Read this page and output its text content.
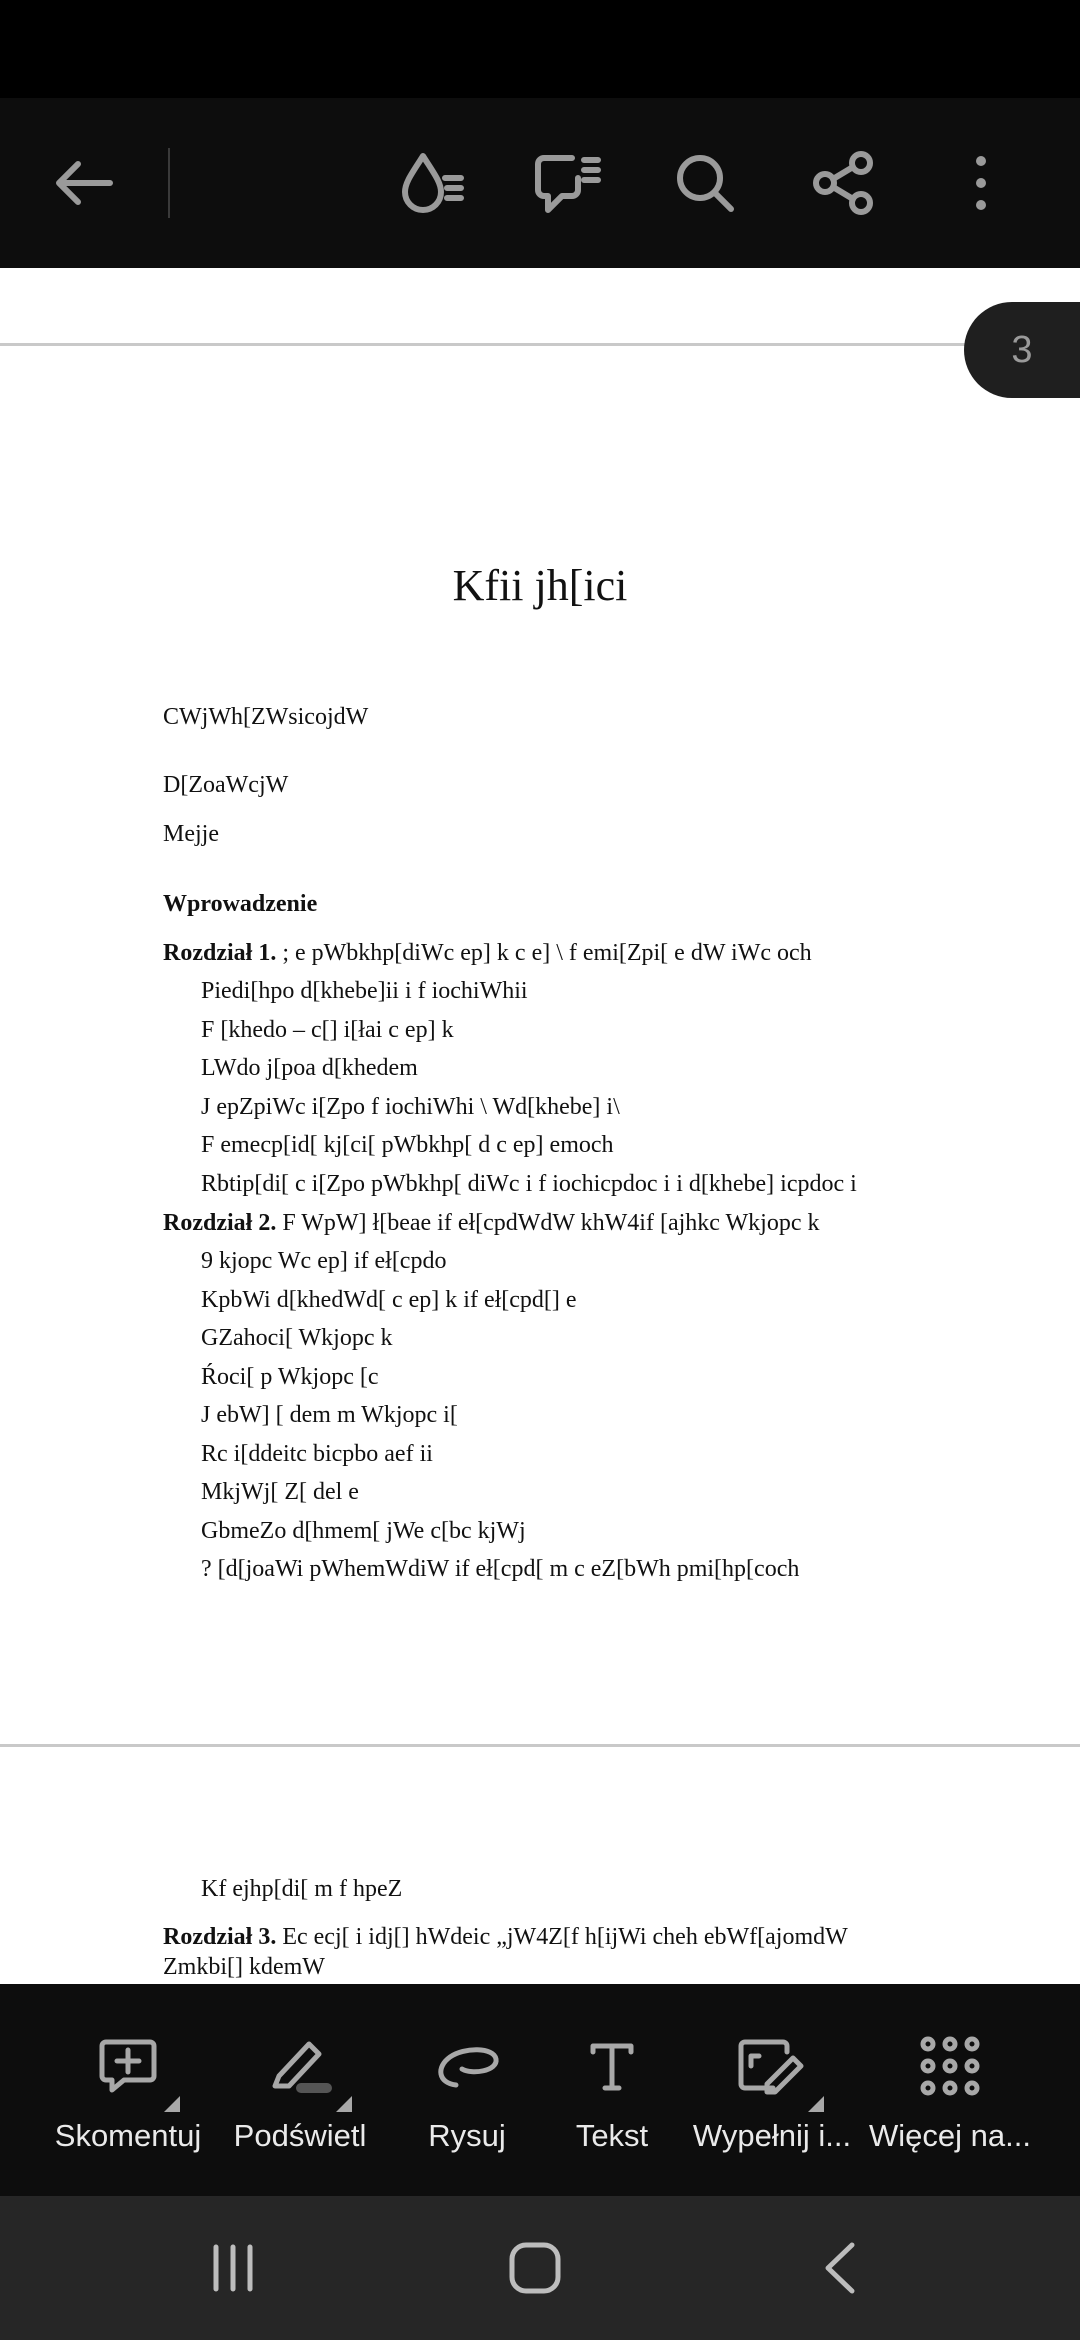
3
Kfii jh[ici
CWjWh[ZWsicojdW
D[ZoaWcjW
Mejje
Wprowadzenie
Rozdział 1. ; e pWbkhp[diWc ep] k c e] \ f emi[Zpi[ e dW iWc och
Piedi[hpo d[khebe]ii i f iochiWhii
F [khedo – c[] i[łai c ep] k
LWdo j[poa d[khedem
J epZpiWc i[Zpo f iochiWhi \ Wd[khebe] i\
F emecp[id[ kj[ci[ pWbkhp[ d c ep] emoch
Rbtip[di[ c i[Zpo pWbkhp[ diWc i f iochicpdoc i i d[khebe] icpdoc i
Rozdział 2. F WpW] ł[beae if eł[cpdWdW khW4if [ajhkc Wkjopc k
9 kjopc Wc ep] if eł[cpdo
KpbWi d[khedWd[ c ep] k if eł[cpd[] e
GZahoci[ Wkjopc k
Ŕoci[ p Wkjopc [c
J ebW] [ dem m Wkjopc i[
Rc i[ddeitc bicpbo aef ii
MkjWj[ Z[ del e
GbmeZo d[hmem[ jWe c[bc kjWj
? [d[joaWi pWhemWdiW if eł[cpd[ m c eZ[bWh pmi[hp[coch
Kf ejhp[di[ m f hpeZ
Rozdział 3. Ec ecj[ i idj[] hWdeic „jW4Z[f h[ijWi cheh ebWf[ajomdW
Zmkbi[] kdemW
Skomentuj Podświetl Rysuj Tekst Wypełnij i... Więcej na...
